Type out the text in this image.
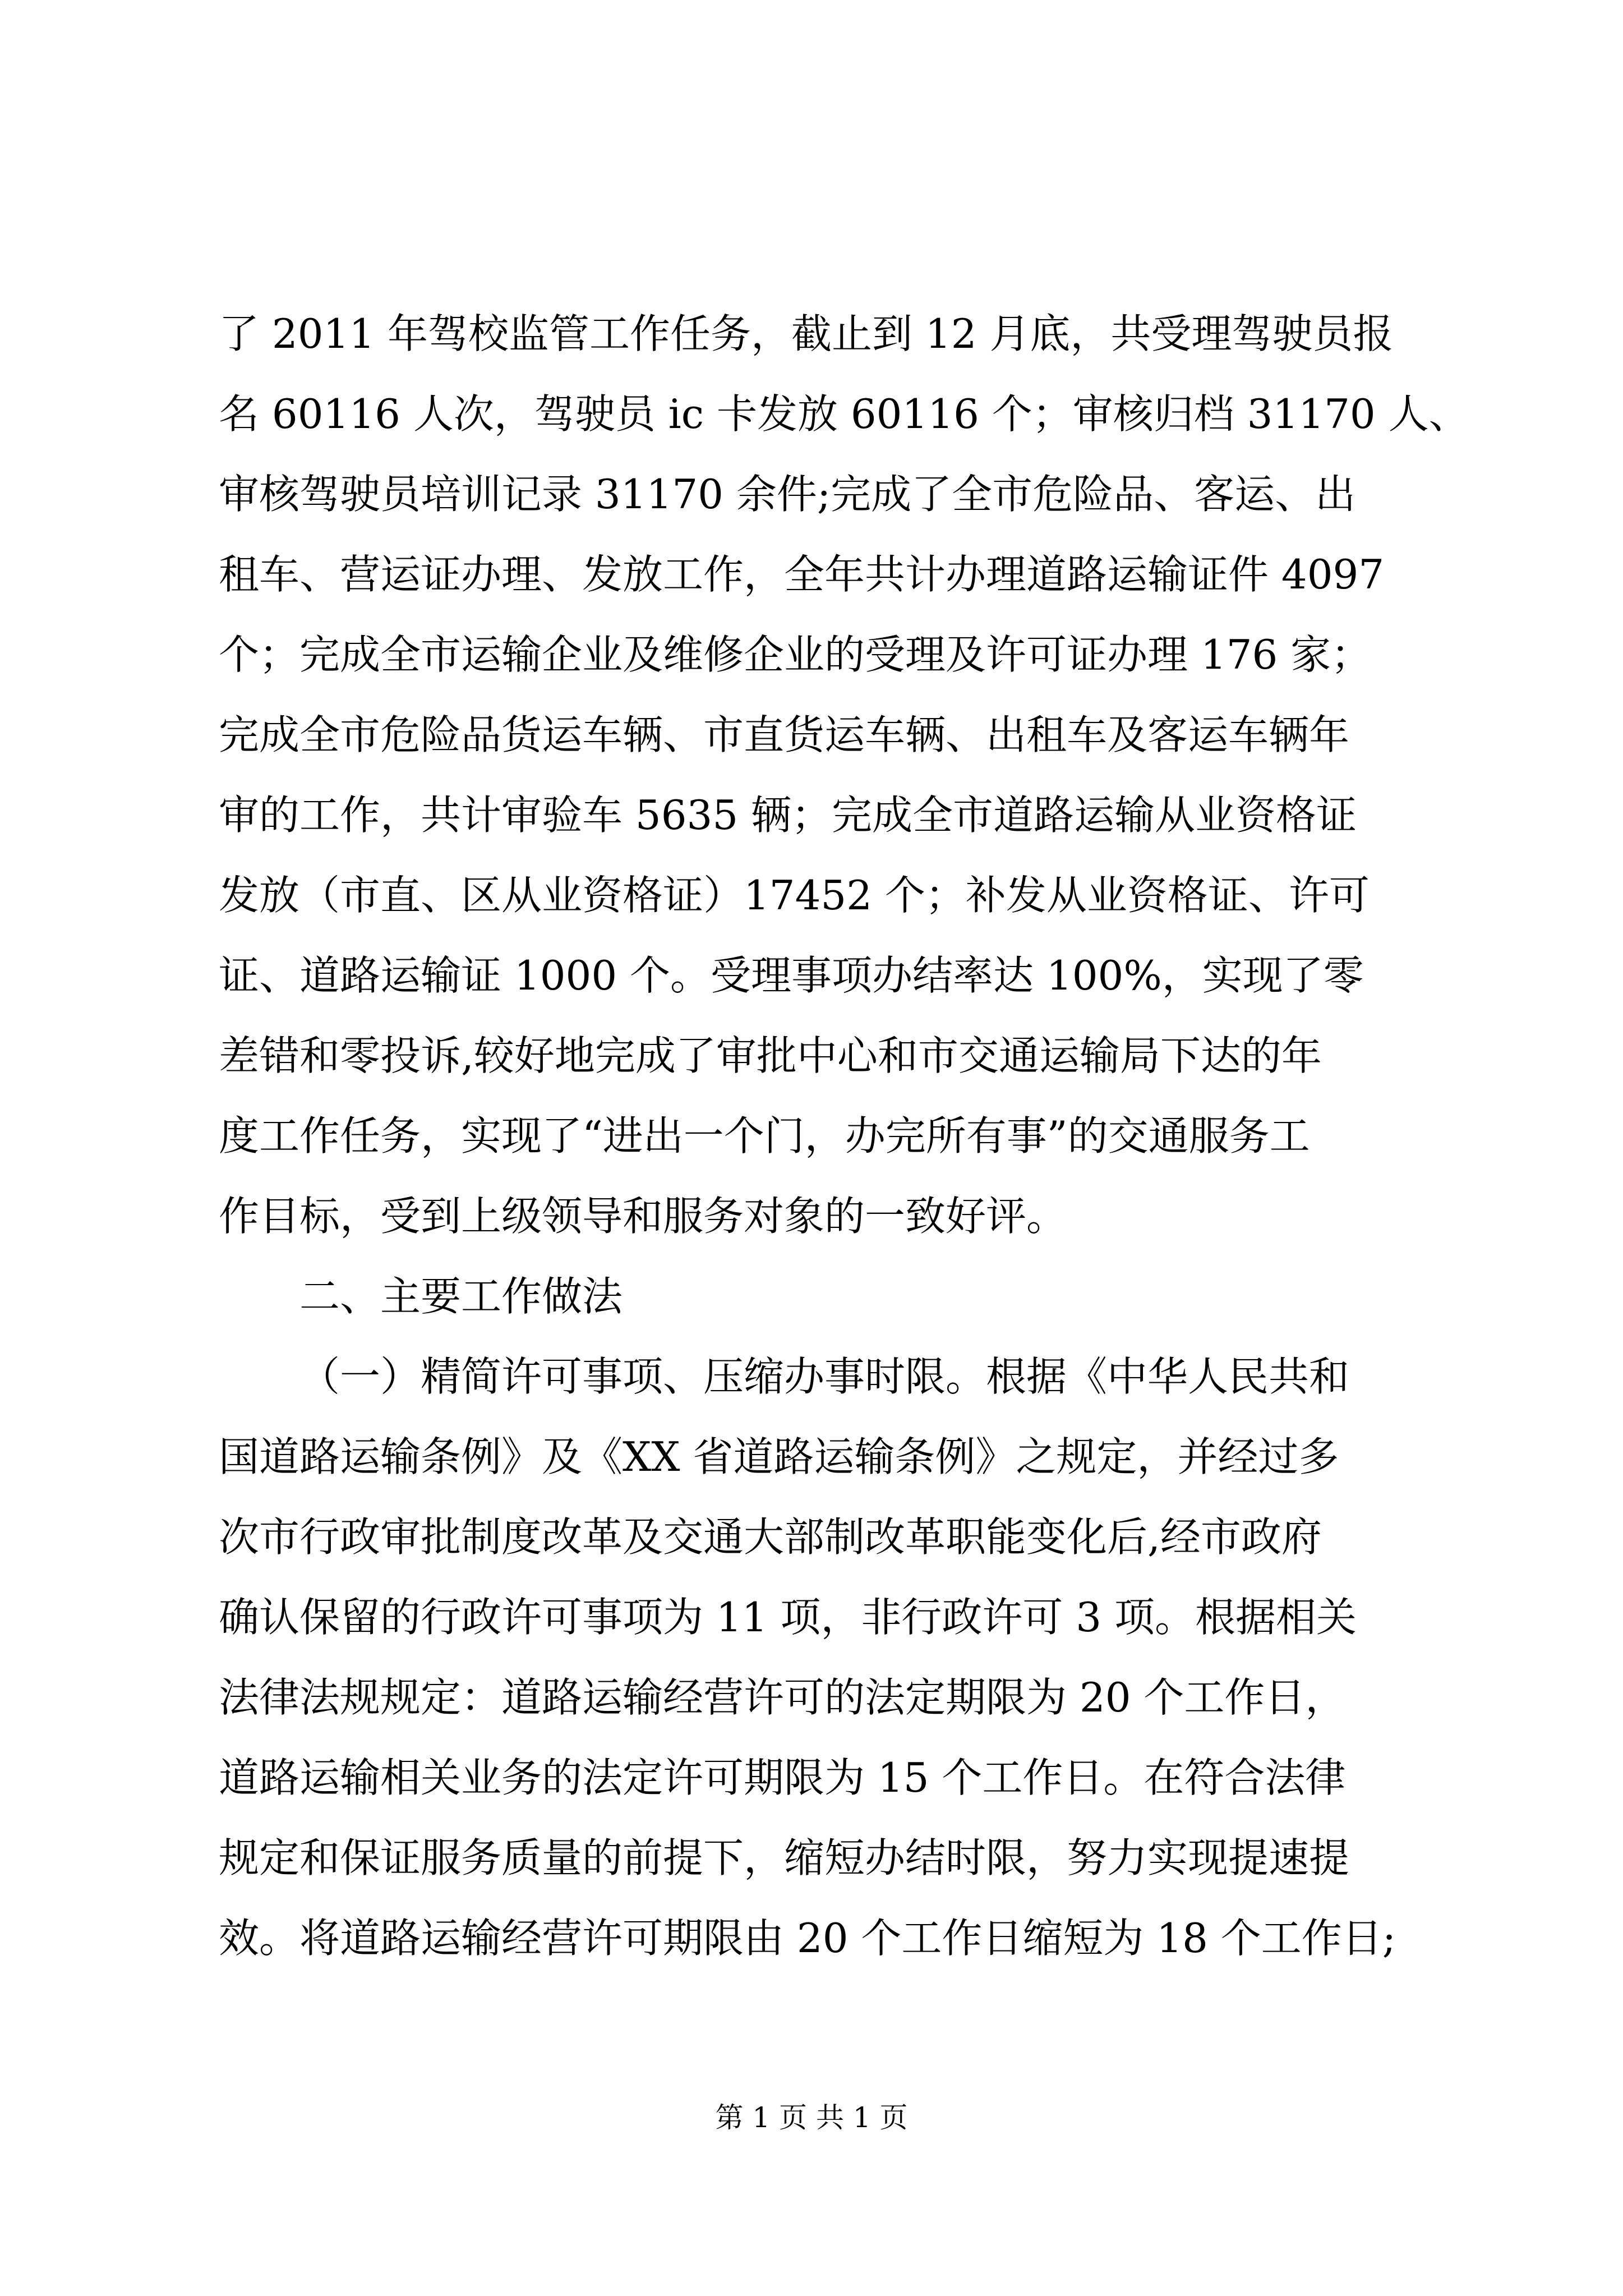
了 2011 年驾校监管工作任务，截止到 12 月底，共受理驾驶员报
名 60116 人次，驾驶员 ic 卡发放 60116 个；审核归档 31170 人、
审核驾驶员培训记录 31170 余件;完成了全市危险品、客运、出
租车、营运证办理、发放工作，全年共计办理道路运输证件 4097
个；完成全市运输企业及维修企业的受理及许可证办理 176 家；
完成全市危险品货运车辆、市直货运车辆、出租车及客运车辆年
审的工作，共计审验车 5635 辆；完成全市道路运输从业资格证
发放（市直、区从业资格证）17452 个；补发从业资格证、许可
证、道路运输证 1000 个。受理事项办结率达 100%，实现了零
差错和零投诉,较好地完成了审批中心和市交通运输局下达的年
度工作任务，实现了“进出一个门，办完所有事”的交通服务工
作目标，受到上级领导和服务对象的一致好评。
二、主要工作做法
（一）精简许可事项、压缩办事时限。根据《中华人民共和
国道路运输条例》及《XX 省道路运输条例》之规定，并经过多
次市行政审批制度改革及交通大部制改革职能变化后,经市政府
确认保留的行政许可事项为 11 项，非行政许可 3 项。根据相关
法律法规规定：道路运输经营许可的法定期限为 20 个工作日，
道路运输相关业务的法定许可期限为 15 个工作日。在符合法律
规定和保证服务质量的前提下，缩短办结时限，努力实现提速提
效。将道路运输经营许可期限由 20 个工作日缩短为 18 个工作日;
第 1 页 共 1 页
